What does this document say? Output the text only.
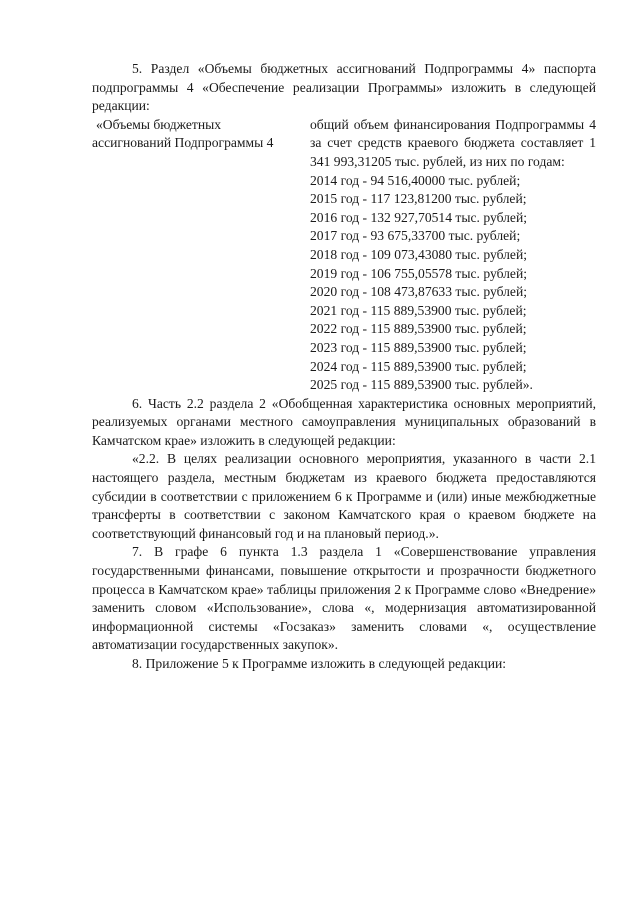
5. Раздел «Объемы бюджетных ассигнований Подпрограммы 4» паспорта подпрограммы 4 «Обеспечение реализации Программы» изложить в следующей редакции:

«Объемы бюджетных
ассигнований Подпрограммы 4

общий объем финансирования Подпрограммы 4 за счет средств краевого бюджета составляет 1 341 993,31205 тыс. рублей, из них по годам:

2014 год - 94 516,40000 тыс. рублей;
2015 год - 117 123,81200 тыс. рублей;
2016 год - 132 927,70514 тыс. рублей;
2017 год - 93 675,33700 тыс. рублей;
2018 год - 109 073,43080 тыс. рублей;
2019 год - 106 755,05578 тыс. рублей;
2020 год - 108 473,87633 тыс. рублей;
2021 год - 115 889,53900 тыс. рублей;
2022 год - 115 889,53900 тыс. рублей;
2023 год - 115 889,53900 тыс. рублей;
2024 год - 115 889,53900 тыс. рублей;
2025 год - 115 889,53900 тыс. рублей».

6. Часть 2.2 раздела 2 «Обобщенная характеристика основных мероприятий, реализуемых органами местного самоуправления муниципальных образований в Камчатском крае» изложить в следующей редакции:

«2.2. В целях реализации основного мероприятия, указанного в части 2.1 настоящего раздела, местным бюджетам из краевого бюджета предоставляются субсидии в соответствии с приложением 6 к Программе и (или) иные межбюджетные трансферты в соответствии с законом Камчатского края о краевом бюджете на соответствующий финансовый год и на плановый период.».

7. В графе 6 пункта 1.3 раздела 1 «Совершенствование управления государственными финансами, повышение открытости и прозрачности бюджетного процесса в Камчатском крае» таблицы приложения 2 к Программе слово «Внедрение» заменить словом «Использование», слова «, модернизация автоматизированной информационной системы «Госзаказ» заменить словами «, осуществление автоматизации государственных закупок».

8. Приложение 5 к Программе изложить в следующей редакции:
